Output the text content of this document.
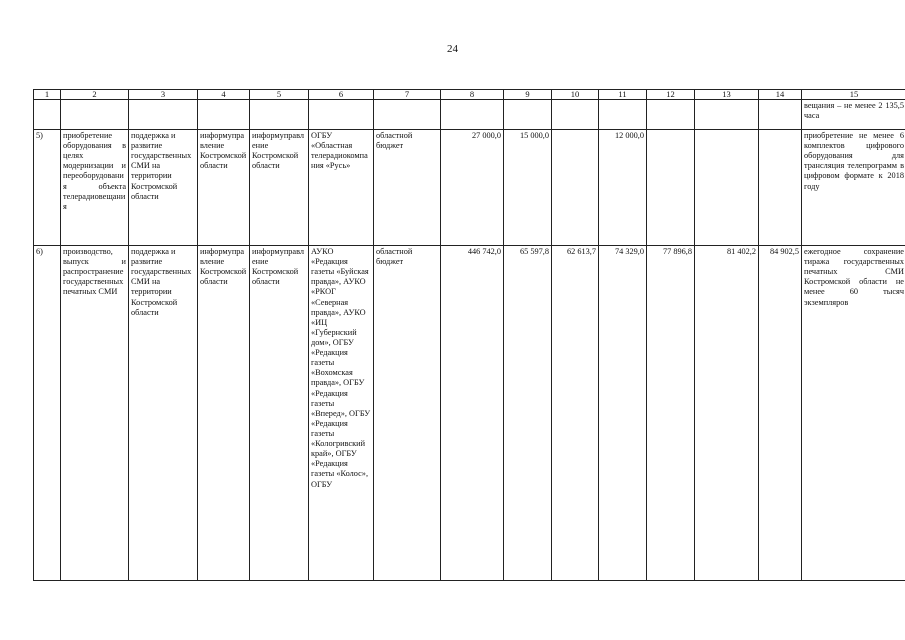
24
1	2	3	4	5	6	7	8	9	10	11	12	13	14	15
														вещания – не менее 2 135,5 часа
5)	приобретение оборудования в целях модернизации и переоборудования объекта телерадиовещания	поддержка и развитие государственных СМИ на территории Костромской области	информуправление Костромской области	информуправление Костромской области	ОГБУ «Областная телерадиокомпания «Русь»	областной бюджет	27 000,0	15 000,0		12 000,0				приобретение не менее 6 комплектов цифрового оборудования для трансляция телепрограмм в цифровом формате к 2018 году
6)	производство, выпуск и распространение государственных печатных СМИ	поддержка и развитие государственных СМИ на территории Костромской области	информуправление Костромской области	информуправление Костромской области	АУКО «Редакция газеты «Буйская правда», АУКО «РКОГ «Северная правда», АУКО «ИЦ «Губернский дом», ОГБУ «Редакция газеты «Вохомская правда», ОГБУ «Редакция газеты «Вперед», ОГБУ «Редакция газеты «Кологривский край», ОГБУ «Редакция газеты «Колос», ОГБУ	областной бюджет	446 742,0	65 597,8	62 613,7	74 329,0	77 896,8	81 402,2	84 902,5	ежегодное сохранение тиража государственных печатных СМИ Костромской области не менее 60 тысяч экземпляров
